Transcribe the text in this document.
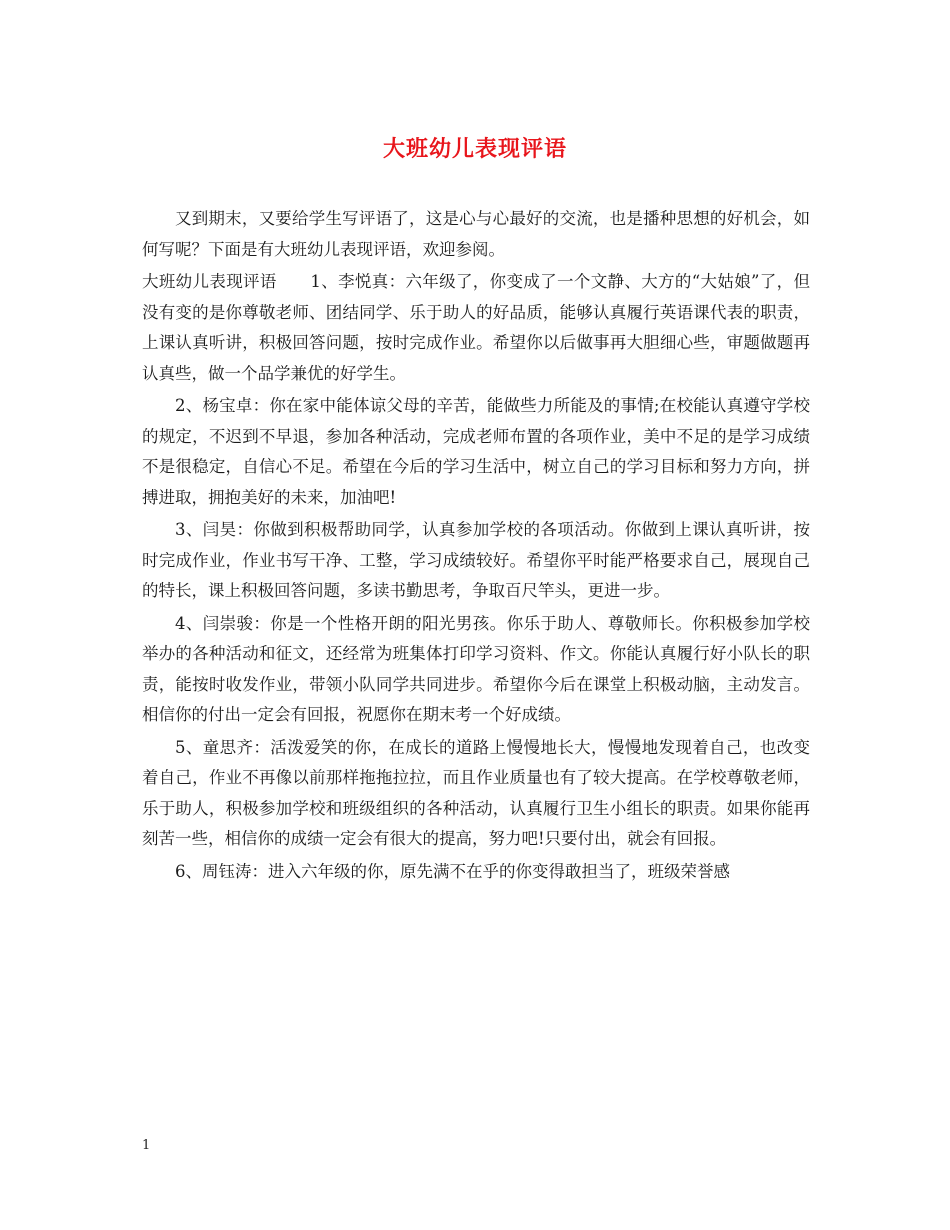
大班幼儿表现评语

又到期末，又要给学生写评语了，这是心与心最好的交流，也是播种思想的好机会，如何写呢？下面是有大班幼儿表现评语，欢迎参阅。

大班幼儿表现评语　　1、李悦真：六年级了，你变成了一个文静、大方的“大姑娘”了，但没有变的是你尊敬老师、团结同学、乐于助人的好品质，能够认真履行英语课代表的职责，上课认真听讲，积极回答问题，按时完成作业。希望你以后做事再大胆细心些，审题做题再认真些，做一个品学兼优的好学生。

2、杨宝卓：你在家中能体谅父母的辛苦，能做些力所能及的事情;在校能认真遵守学校的规定，不迟到不早退，参加各种活动，完成老师布置的各项作业，美中不足的是学习成绩不是很稳定，自信心不足。希望在今后的学习生活中，树立自己的学习目标和努力方向，拼搏进取，拥抱美好的未来，加油吧!

3、闫昊：你做到积极帮助同学，认真参加学校的各项活动。你做到上课认真听讲，按时完成作业，作业书写干净、工整，学习成绩较好。希望你平时能严格要求自己，展现自己的特长，课上积极回答问题，多读书勤思考，争取百尺竿头，更进一步。

4、闫崇骏：你是一个性格开朗的阳光男孩。你乐于助人、尊敬师长。你积极参加学校举办的各种活动和征文，还经常为班集体打印学习资料、作文。你能认真履行好小队长的职责，能按时收发作业，带领小队同学共同进步。希望你今后在课堂上积极动脑，主动发言。相信你的付出一定会有回报，祝愿你在期末考一个好成绩。

5、童思齐：活泼爱笑的你，在成长的道路上慢慢地长大，慢慢地发现着自己，也改变着自己，作业不再像以前那样拖拖拉拉，而且作业质量也有了较大提高。在学校尊敬老师，乐于助人，积极参加学校和班级组织的各种活动，认真履行卫生小组长的职责。如果你能再刻苦一些，相信你的成绩一定会有很大的提高，努力吧!只要付出，就会有回报。

6、周钰涛：进入六年级的你，原先满不在乎的你变得敢担当了，班级荣誉感

1
